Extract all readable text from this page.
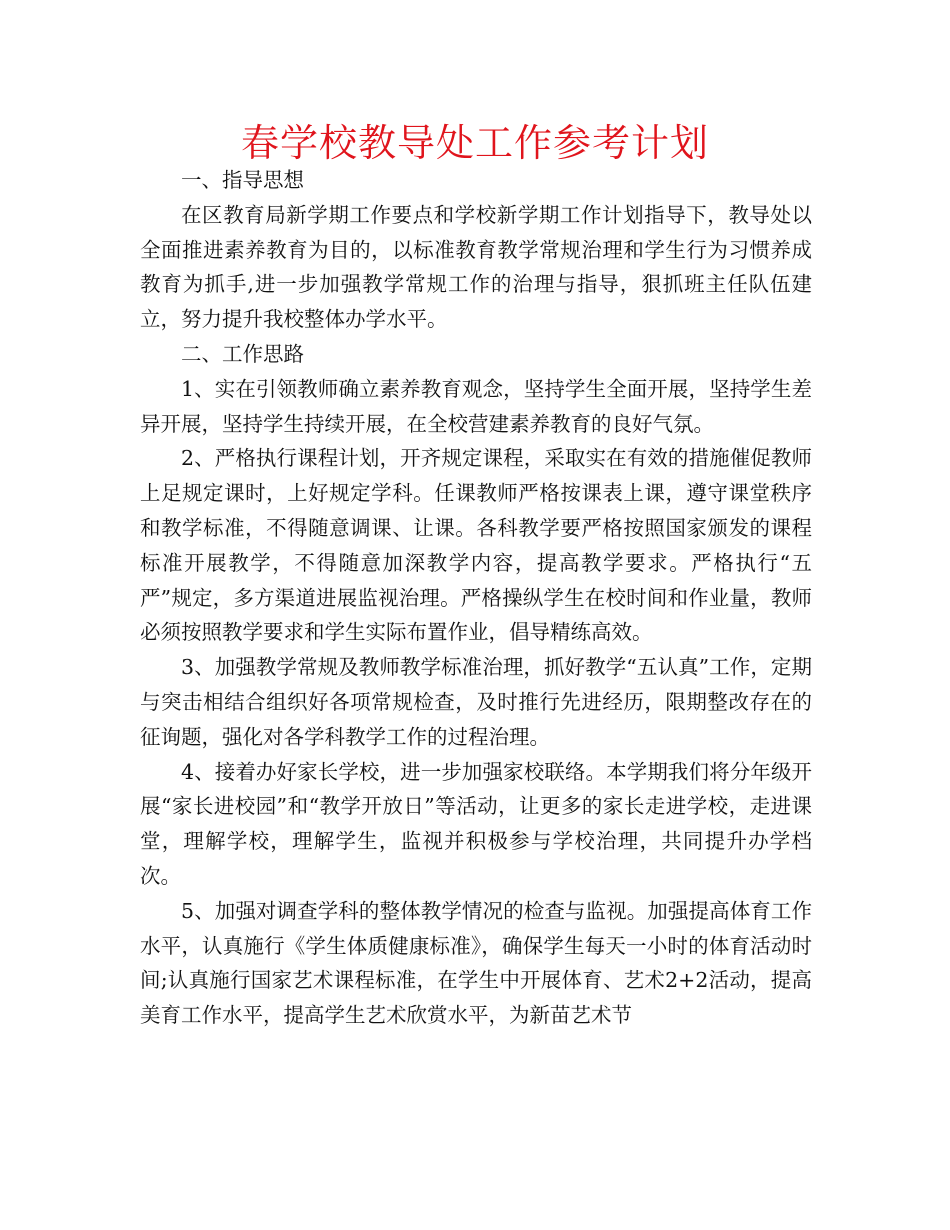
春学校教导处工作参考计划

一、指导思想

在区教育局新学期工作要点和学校新学期工作计划指导下，教导处以全面推进素养教育为目的，以标准教育教学常规治理和学生行为习惯养成教育为抓手,进一步加强教学常规工作的治理与指导，狠抓班主任队伍建立，努力提升我校整体办学水平。

二、工作思路

1、实在引领教师确立素养教育观念，坚持学生全面开展，坚持学生差异开展，坚持学生持续开展，在全校营建素养教育的良好气氛。

2、严格执行课程计划，开齐规定课程，采取实在有效的措施催促教师上足规定课时，上好规定学科。任课教师严格按课表上课，遵守课堂秩序和教学标准，不得随意调课、让课。各科教学要严格按照国家颁发的课程标准开展教学，不得随意加深教学内容，提高教学要求。严格执行“五严”规定，多方渠道进展监视治理。严格操纵学生在校时间和作业量，教师必须按照教学要求和学生实际布置作业，倡导精练高效。

3、加强教学常规及教师教学标准治理，抓好教学“五认真”工作，定期与突击相结合组织好各项常规检查，及时推行先进经历，限期整改存在的征询题，强化对各学科教学工作的过程治理。

4、接着办好家长学校，进一步加强家校联络。本学期我们将分年级开展“家长进校园”和“教学开放日”等活动，让更多的家长走进学校，走进课堂，理解学校，理解学生，监视并积极参与学校治理，共同提升办学档次。

5、加强对调查学科的整体教学情况的检查与监视。加强提高体育工作水平，认真施行《学生体质健康标准》，确保学生每天一小时的体育活动时间;认真施行国家艺术课程标准，在学生中开展体育、艺术2+2活动，提高美育工作水平，提高学生艺术欣赏水平，为新苗艺术节
